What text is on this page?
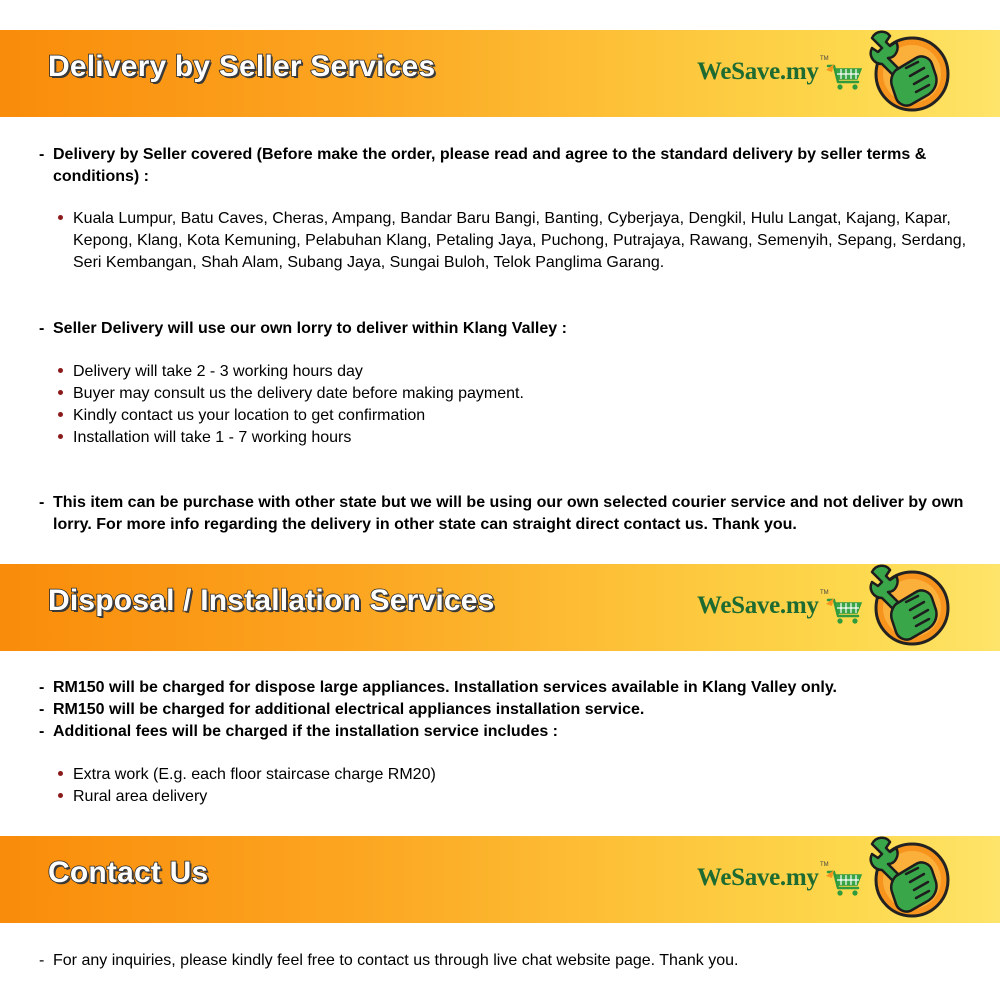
Delivery by Seller Services	WeSave.my TM
- Delivery by Seller covered (Before make the order, please read and agree to the standard delivery by seller terms & conditions) :
Kuala Lumpur, Batu Caves, Cheras, Ampang, Bandar Baru Bangi, Banting, Cyberjaya, Dengkil, Hulu Langat, Kajang, Kapar, Kepong, Klang, Kota Kemuning, Pelabuhan Klang, Petaling Jaya, Puchong, Putrajaya, Rawang, Semenyih, Sepang, Serdang, Seri Kembangan, Shah Alam, Subang Jaya, Sungai Buloh, Telok Panglima Garang.
- Seller Delivery will use our own lorry to deliver within Klang Valley :
Delivery will take 2 - 3 working hours day
Buyer may consult us the delivery date before making payment.
Kindly contact us your location to get confirmation
Installation will take 1 - 7 working hours
- This item can be purchase with other state but we will be using our own selected courier service and not deliver by own lorry. For more info regarding the delivery in other state can straight direct contact us. Thank you.
Disposal / Installation Services	WeSave.my TM
- RM150 will be charged for dispose large appliances. Installation services available in Klang Valley only.
- RM150 will be charged for additional electrical appliances installation service.
- Additional fees will be charged if the installation service includes :
Extra work (E.g. each floor staircase charge RM20)
Rural area delivery
Contact Us	WeSave.my TM
- For any inquiries, please kindly feel free to contact us through live chat website page. Thank you.
